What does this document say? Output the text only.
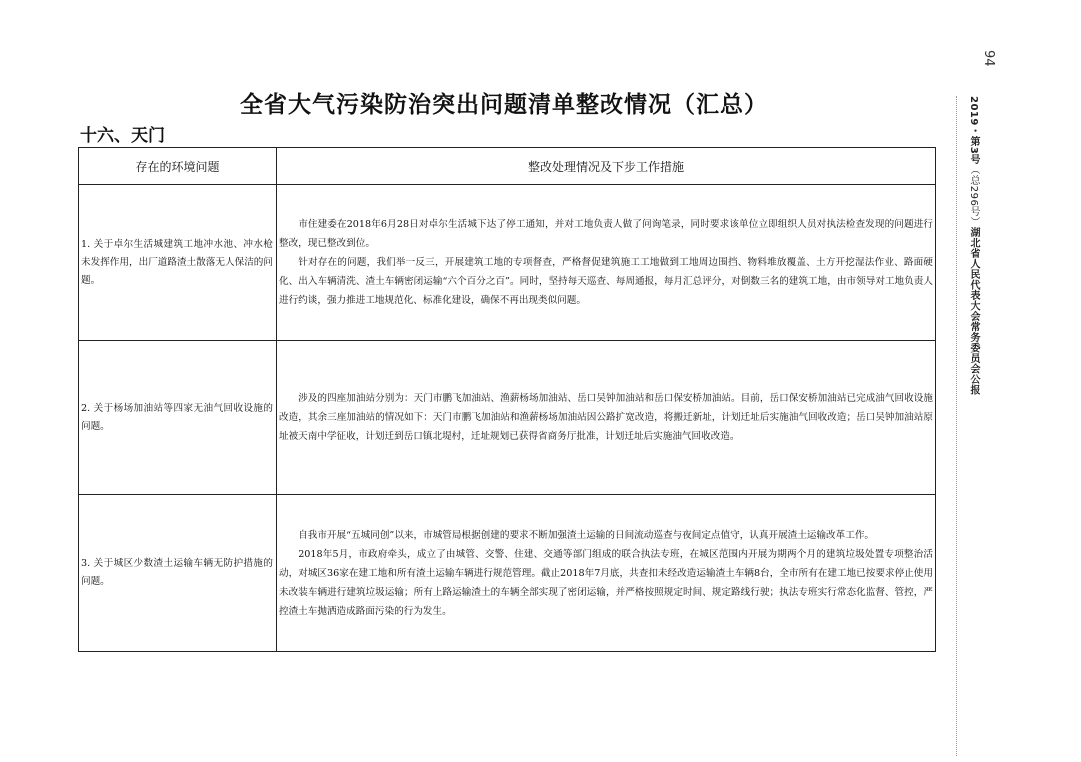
全省大气污染防治突出问题清单整改情况（汇总）
十六、天门
存在的环境问题	整改处理情况及下步工作措施
1. 关于卓尔生活城建筑工地冲水池、冲水枪未发挥作用，出厂道路渣土散落无人保洁的问题。	市住建委在2018年6月28日对卓尔生活城下达了停工通知，并对工地负责人做了问询笔录，同时要求该单位立即组织人员对执法检查发现的问题进行整改，现已整改到位。

针对存在的问题，我们举一反三，开展建筑工地的专项督查，严格督促建筑施工工地做到工地周边围挡、物料堆放覆盖、土方开挖湿法作业、路面硬化、出入车辆清洗、渣土车辆密闭运输“六个百分之百”。同时，坚持每天巡查、每周通报，每月汇总评分，对倒数三名的建筑工地，由市领导对工地负责人进行约谈，强力推进工地规范化、标准化建设，确保不再出现类似问题。

2. 关于杨场加油站等四家无油气回收设施的问题。	涉及的四座加油站分别为：天门市鹏飞加油站、渔薪杨场加油站、岳口吴钟加油站和岳口保安桥加油站。目前，岳口保安桥加油站已完成油气回收设施改造，其余三座加油站的情况如下：天门市鹏飞加油站和渔薪杨场加油站因公路扩宽改造，将搬迁新址，计划迁址后实施油气回收改造；岳口吴钟加油站原址被天南中学征收，计划迁到岳口镇北堤村，迁址规划已获得省商务厅批准，计划迁址后实施油气回收改造。

3. 关于城区少数渣土运输车辆无防护措施的问题。	自我市开展“五城同创”以来，市城管局根据创建的要求不断加强渣土运输的日间流动巡查与夜间定点值守，认真开展渣土运输改革工作。

2018年5月，市政府牵头，成立了由城管、交警、住建、交通等部门组成的联合执法专班，在城区范围内开展为期两个月的建筑垃圾处置专项整治活动，对城区36家在建工地和所有渣土运输车辆进行规范管理。截止2018年7月底，共查扣未经改造运输渣土车辆8台，全市所有在建工地已按要求停止使用未改装车辆进行建筑垃圾运输；所有上路运输渣土的车辆全部实现了密闭运输，并严格按照规定时间、规定路线行驶；执法专班实行常态化监督、管控，严控渣土车抛洒造成路面污染的行为发生。

94
2019・第3号（总296号）湖北省人民代表大会常务委员会公报
